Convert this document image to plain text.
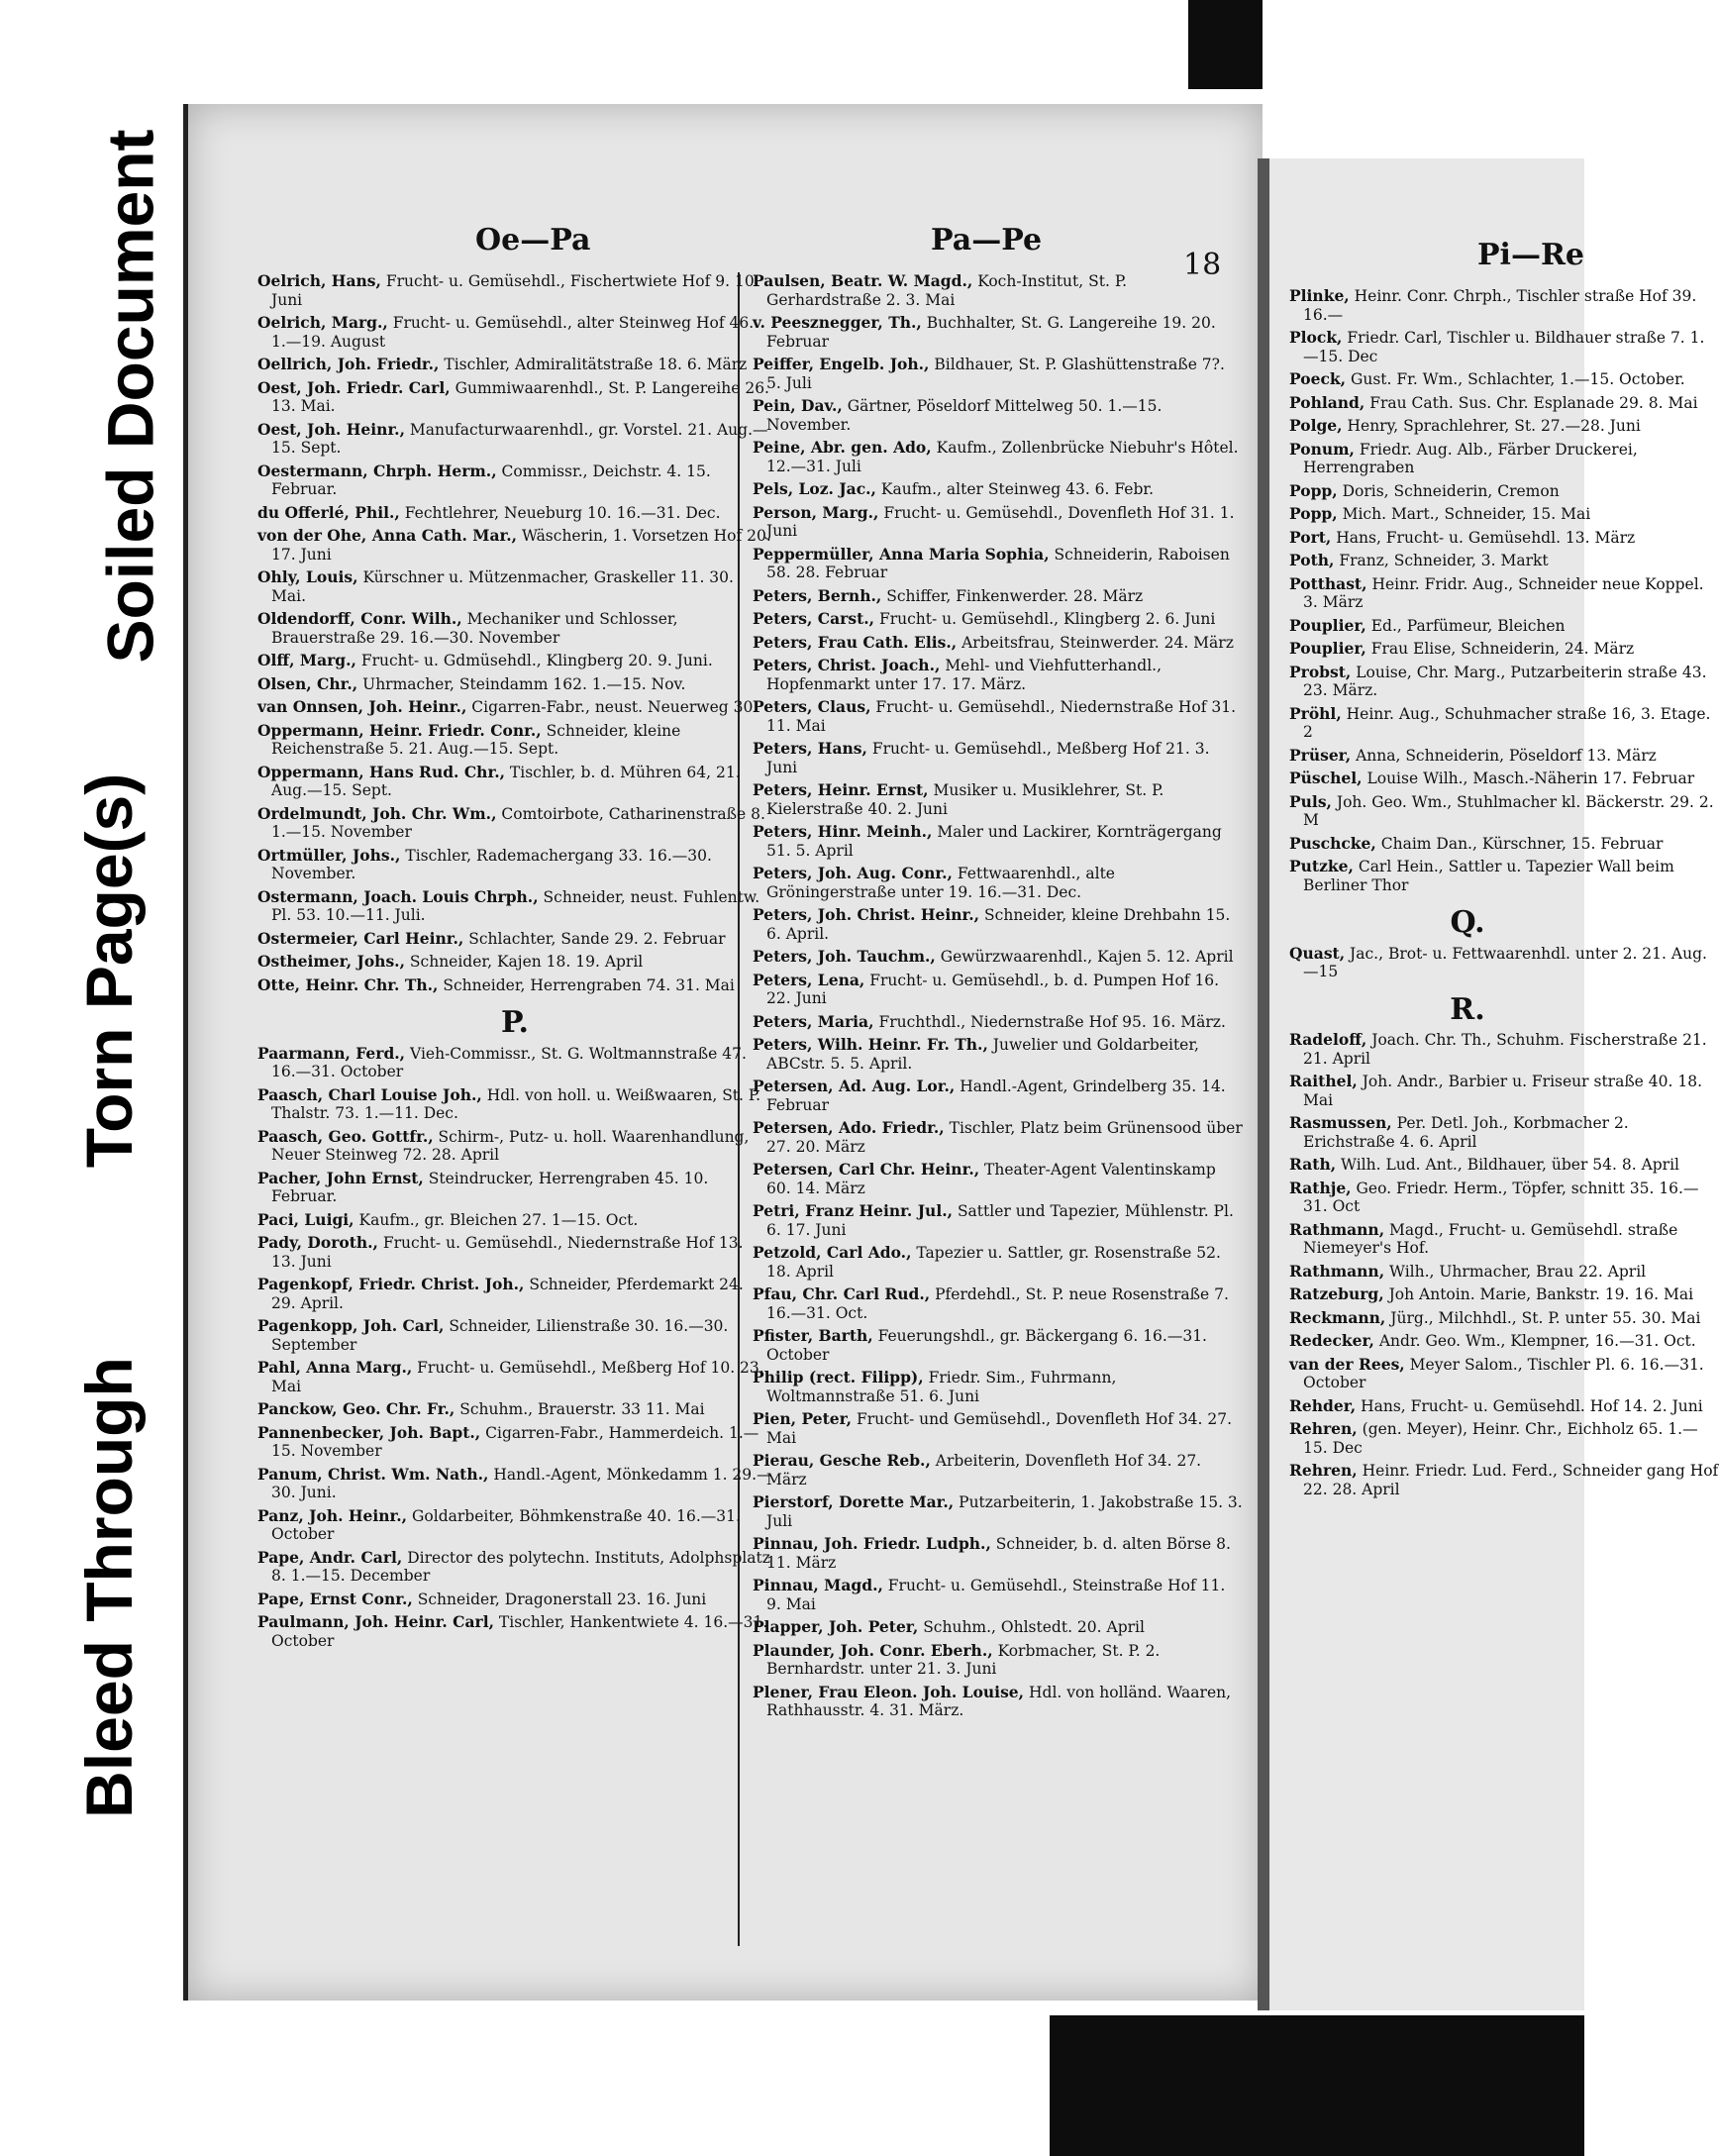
Soiled Document
Torn Page(s)
Bleed Through
Oe—Pa	Pa—Pe
18
Oelrich, Hans, Frucht- u. Gemüsehdl., Fischertwiete Hof 9. 10. Juni
Oelrich, Marg., Frucht- u. Gemüsehdl., alter Steinweg Hof 46. 1.—19. August
Oellrich, Joh. Friedr., Tischler, Admiralitätstraße 18. 6. März
Oest, Joh. Friedr. Carl, Gummiwaarenhdl., St. P. Langereihe 26. 13. Mai.
Oest, Joh. Heinr., Manufacturwaarenhdl., gr. Vorstel. 21. Aug.—15. Sept.
Oestermann, Chrph. Herm., Commissr., Deichstr. 4. 15. Februar.
du Offerlé, Phil., Fechtlehrer, Neueburg 10. 16.—31. Dec.
von der Ohe, Anna Cath. Mar., Wäscherin, 1. Vorsetzen Hof 20. 17. Juni
Ohly, Louis, Kürschner u. Mützenmacher, Graskeller 11. 30. Mai.
Oldendorff, Conr. Wilh., Mechaniker und Schlosser, Brauerstraße 29. 16.—30. November
Olff, Marg., Frucht- u. Gdmüsehdl., Klingberg 20. 9. Juni.
Olsen, Chr., Uhrmacher, Steindamm 162. 1.—15. Nov.
van Onnsen, Joh. Heinr., Cigarren-Fabr., neust. Neuerweg 30.
Oppermann, Heinr. Friedr. Conr., Schneider, kleine Reichenstraße 5. 21. Aug.—15. Sept.
Oppermann, Hans Rud. Chr., Tischler, b. d. Mühren 64, 21. Aug.—15. Sept.
Ordelmundt, Joh. Chr. Wm., Comtoirbote, Catharinenstraße 8. 1.—15. November
Ortmüller, Johs., Tischler, Rademachergang 33. 16.—30. November.
Ostermann, Joach. Louis Chrph., Schneider, neust. Fuhlentw. Pl. 53. 10.—11. Juli.
Ostermeier, Carl Heinr., Schlachter, Sande 29. 2. Februar
Ostheimer, Johs., Schneider, Kajen 18. 19. April
Otte, Heinr. Chr. Th., Schneider, Herrengraben 74. 31. Mai
P.
Paarmann, Ferd., Vieh-Commissr., St. G. Woltmannstraße 47. 16.—31. October
Paasch, Charl Louise Joh., Hdl. von holl. u. Weißwaaren, St. P. Thalstr. 73. 1.—11. Dec.
Paasch, Geo. Gottfr., Schirm-, Putz- u. holl. Waarenhandlung, Neuer Steinweg 72. 28. April
Pacher, John Ernst, Steindrucker, Herrengraben 45. 10. Februar.
Paci, Luigi, Kaufm., gr. Bleichen 27. 1—15. Oct.
Pady, Doroth., Frucht- u. Gemüsehdl., Niedernstraße Hof 13. 13. Juni
Pagenkopf, Friedr. Christ. Joh., Schneider, Pferdemarkt 24. 29. April.
Pagenkopp, Joh. Carl, Schneider, Lilienstraße 30. 16.—30. September
Pahl, Anna Marg., Frucht- u. Gemüsehdl., Meßberg Hof 10. 23. Mai
Panckow, Geo. Chr. Fr., Schuhm., Brauerstr. 33 11. Mai
Pannenbecker, Joh. Bapt., Cigarren-Fabr., Hammerdeich. 1.—15. November
Panum, Christ. Wm. Nath., Handl.-Agent, Mönkedamm 1. 29.—30. Juni.
Panz, Joh. Heinr., Goldarbeiter, Böhmkenstraße 40. 16.—31. October
Pape, Andr. Carl, Director des polytechn. Instituts, Adolphsplatz 8. 1.—15. December
Pape, Ernst Conr., Schneider, Dragonerstall 23. 16. Juni
Paulmann, Joh. Heinr. Carl, Tischler, Hankentwiete 4. 16.—31. October
Paulsen, Beatr. W. Magd., Koch-Institut, St. P. Gerhardstraße 2. 3. Mai
v. Peesznegger, Th., Buchhalter, St. G. Langereihe 19. 20. Februar
Peiffer, Engelb. Joh., Bildhauer, St. P. Glashüttenstraße 7?. 5. Juli
Pein, Dav., Gärtner, Pöseldorf Mittelweg 50. 1.—15. November.
Peine, Abr. gen. Ado, Kaufm., Zollenbrücke Niebuhr's Hôtel. 12.—31. Juli
Pels, Loz. Jac., Kaufm., alter Steinweg 43. 6. Febr.
Person, Marg., Frucht- u. Gemüsehdl., Dovenfleth Hof 31. 1. Juni
Peppermüller, Anna Maria Sophia, Schneiderin, Raboisen 58. 28. Februar
Peters, Bernh., Schiffer, Finkenwerder. 28. März
Peters, Carst., Frucht- u. Gemüsehdl., Klingberg 2. 6. Juni
Peters, Frau Cath. Elis., Arbeitsfrau, Steinwerder. 24. März
Peters, Christ. Joach., Mehl- und Viehfutterhandl., Hopfenmarkt unter 17. 17. März.
Peters, Claus, Frucht- u. Gemüsehdl., Niedernstraße Hof 31. 11. Mai
Peters, Hans, Frucht- u. Gemüsehdl., Meßberg Hof 21. 3. Juni
Peters, Heinr. Ernst, Musiker u. Musiklehrer, St. P. Kielerstraße 40. 2. Juni
Peters, Hinr. Meinh., Maler und Lackirer, Kornträgergang 51. 5. April
Peters, Joh. Aug. Conr., Fettwaarenhdl., alte Gröningerstraße unter 19. 16.—31. Dec.
Peters, Joh. Christ. Heinr., Schneider, kleine Drehbahn 15. 6. April.
Peters, Joh. Tauchm., Gewürzwaarenhdl., Kajen 5. 12. April
Peters, Lena, Frucht- u. Gemüsehdl., b. d. Pumpen Hof 16. 22. Juni
Peters, Maria, Fruchthdl., Niedernstraße Hof 95. 16. März.
Peters, Wilh. Heinr. Fr. Th., Juwelier und Goldarbeiter, ABCstr. 5. 5. April.
Petersen, Ad. Aug. Lor., Handl.-Agent, Grindelberg 35. 14. Februar
Petersen, Ado. Friedr., Tischler, Platz beim Grünensood über 27. 20. März
Petersen, Carl Chr. Heinr., Theater-Agent Valentinskamp 60. 14. März
Petri, Franz Heinr. Jul., Sattler und Tapezier, Mühlenstr. Pl. 6. 17. Juni
Petzold, Carl Ado., Tapezier u. Sattler, gr. Rosenstraße 52. 18. April
Pfau, Chr. Carl Rud., Pferdehdl., St. P. neue Rosenstraße 7. 16.—31. Oct.
Pfister, Barth, Feuerungshdl., gr. Bäckergang 6. 16.—31. October
Philip (rect. Filipp), Friedr. Sim., Fuhrmann, Woltmannstraße 51. 6. Juni
Pien, Peter, Frucht- und Gemüsehdl., Dovenfleth Hof 34. 27. Mai
Pierau, Gesche Reb., Arbeiterin, Dovenfleth Hof 34. 27. März
Pierstorf, Dorette Mar., Putzarbeiterin, 1. Jakobstraße 15. 3. Juli
Pinnau, Joh. Friedr. Ludph., Schneider, b. d. alten Börse 8. 11. März
Pinnau, Magd., Frucht- u. Gemüsehdl., Steinstraße Hof 11. 9. Mai
Plapper, Joh. Peter, Schuhm., Ohlstedt. 20. April
Plaunder, Joh. Conr. Eberh., Korbmacher, St. P. 2. Bernhardstr. unter 21. 3. Juni
Plener, Frau Eleon. Joh. Louise, Hdl. von holländ. Waaren, Rathhausstr. 4. 31. März.
Pi—Re
Plinke, Heinr. Conr. Chrph., Tischler straße Hof 39. 16.—
Plock, Friedr. Carl, Tischler u. Bildhauer straße 7. 1.—15. Dec
Poeck, Gust. Fr. Wm., Schlachter, 1.—15. October.
Pohland, Frau Cath. Sus. Chr. Esplanade 29. 8. Mai
Polge, Henry, Sprachlehrer, St. 27.—28. Juni
Ponum, Friedr. Aug. Alb., Färber Druckerei, Herrengraben
Popp, Doris, Schneiderin, Cremon
Popp, Mich. Mart., Schneider, 15. Mai
Port, Hans, Frucht- u. Gemüsehdl. 13. März
Poth, Franz, Schneider, 3. Markt
Potthast, Heinr. Fridr. Aug., Schneider neue Koppel. 3. März
Pouplier, Ed., Parfümeur, Bleichen
Pouplier, Frau Elise, Schneiderin, 24. März
Probst, Louise, Chr. Marg., Putzarbeiterin straße 43. 23. März.
Pröhl, Heinr. Aug., Schuhmacher straße 16, 3. Etage. 2
Prüser, Anna, Schneiderin, Pöseldorf 13. März
Püschel, Louise Wilh., Masch.-Näherin 17. Februar
Puls, Joh. Geo. Wm., Stuhlmacher kl. Bäckerstr. 29. 2. M
Puschcke, Chaim Dan., Kürschner, 15. Februar
Putzke, Carl Hein., Sattler u. Tapezier Wall beim Berliner Thor
Q.
Quast, Jac., Brot- u. Fettwaarenhdl. unter 2. 21. Aug.—15
R.
Radeloff, Joach. Chr. Th., Schuhm. Fischerstraße 21. 21. April
Raithel, Joh. Andr., Barbier u. Friseur straße 40. 18. Mai
Rasmussen, Per. Detl. Joh., Korbmacher 2. Erichstraße 4. 6. April
Rath, Wilh. Lud. Ant., Bildhauer, über 54. 8. April
Rathje, Geo. Friedr. Herm., Töpfer, schnitt 35. 16.—31. Oct
Rathmann, Magd., Frucht- u. Gemüsehdl. straße Niemeyer's Hof.
Rathmann, Wilh., Uhrmacher, Brau 22. April
Ratzeburg, Joh Antoin. Marie, Bankstr. 19. 16. Mai
Reckmann, Jürg., Milchhdl., St. P. unter 55. 30. Mai
Redecker, Andr. Geo. Wm., Klempner, 16.—31. Oct.
van der Rees, Meyer Salom., Tischler Pl. 6. 16.—31. October
Rehder, Hans, Frucht- u. Gemüsehdl. Hof 14. 2. Juni
Rehren, (gen. Meyer), Heinr. Chr., Eichholz 65. 1.—15. Dec
Rehren, Heinr. Friedr. Lud. Ferd., Schneider gang Hof 22. 28. April
